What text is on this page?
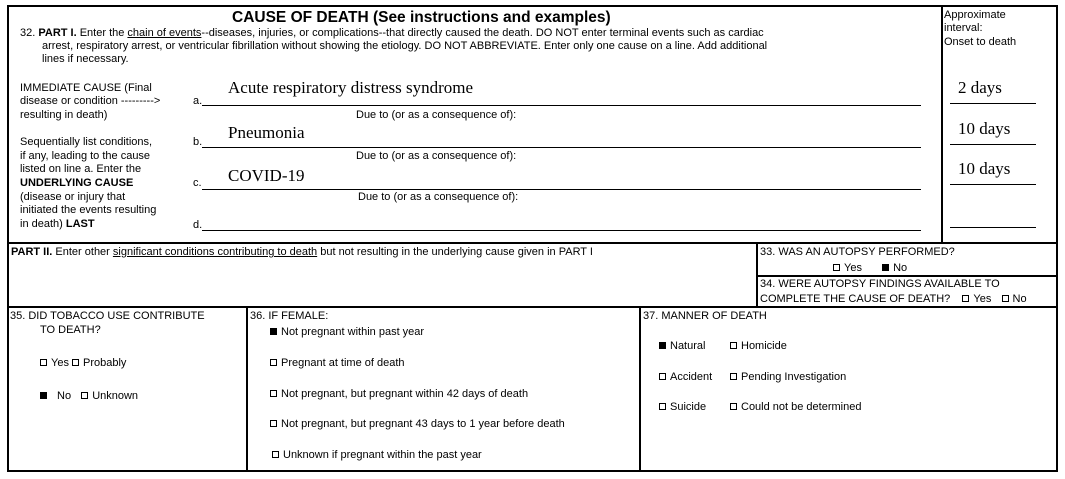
CAUSE OF DEATH (See instructions and examples)
32. PART I. Enter the chain of events--diseases, injuries, or complications--that directly caused the death. DO NOT enter terminal events such as cardiac
arrest, respiratory arrest, or ventricular fibrillation without showing the etiology. DO NOT ABBREVIATE. Enter only one cause on a line. Add additional
lines if necessary.
Approximate
interval:
Onset to death
IMMEDIATE CAUSE (Final
disease or condition --------->
resulting in death)
Sequentially list conditions,
if any, leading to the cause
listed on line a. Enter the
UNDERLYING CAUSE
(disease or injury that
initiated the events resulting
in death) LAST
a.
Acute respiratory distress syndrome	2 days
Due to (or as a consequence of):
b. Pneumonia	10 days
Due to (or as a consequence of):
c. COVID-19	10 days
Due to (or as a consequence of):
d.
PART II. Enter other significant conditions contributing to death but not resulting in the underlying cause given in PART I	33. WAS AN AUTOPSY PERFORMED?
Yes	No
34. WERE AUTOPSY FINDINGS AVAILABLE TO
COMPLETE THE CAUSE OF DEATH? Yes No
35. DID TOBACCO USE CONTRIBUTE
TO DEATH?
Yes Probably
No Unknown
36. IF FEMALE:
Not pregnant within past year
Pregnant at time of death
Not pregnant, but pregnant within 42 days of death
Not pregnant, but pregnant 43 days to 1 year before death
Unknown if pregnant within the past year
37. MANNER OF DEATH
Natural	Homicide
Accident	Pending Investigation
Suicide	Could not be determined
